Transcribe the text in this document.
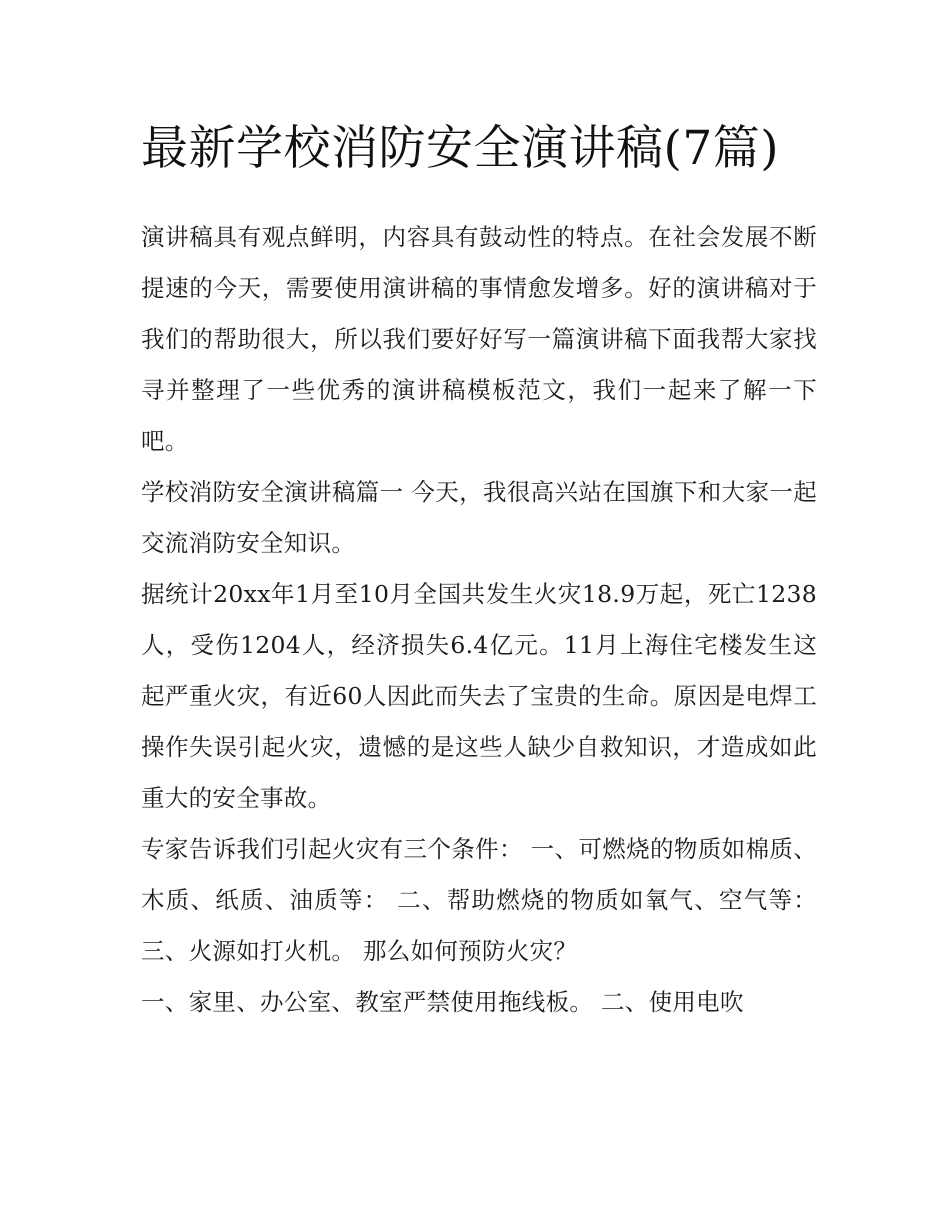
最新学校消防安全演讲稿(7篇)

演讲稿具有观点鲜明，内容具有鼓动性的特点。在社会发展不断提速的今天，需要使用演讲稿的事情愈发增多。好的演讲稿对于我们的帮助很大，所以我们要好好写一篇演讲稿下面我帮大家找寻并整理了一些优秀的演讲稿模板范文，我们一起来了解一下吧。

学校消防安全演讲稿篇一 今天，我很高兴站在国旗下和大家一起交流消防安全知识。

据统计20xx年1月至10月全国共发生火灾18.9万起，死亡1238人，受伤1204人，经济损失6.4亿元。11月上海住宅楼发生这起严重火灾，有近60人因此而失去了宝贵的生命。原因是电焊工操作失误引起火灾，遗憾的是这些人缺少自救知识，才造成如此重大的安全事故。

专家告诉我们引起火灾有三个条件： 一、可燃烧的物质如棉质、木质、纸质、油质等： 二、帮助燃烧的物质如氧气、空气等： 三、火源如打火机。 那么如何预防火灾？

一、家里、办公室、教室严禁使用拖线板。 二、使用电吹
